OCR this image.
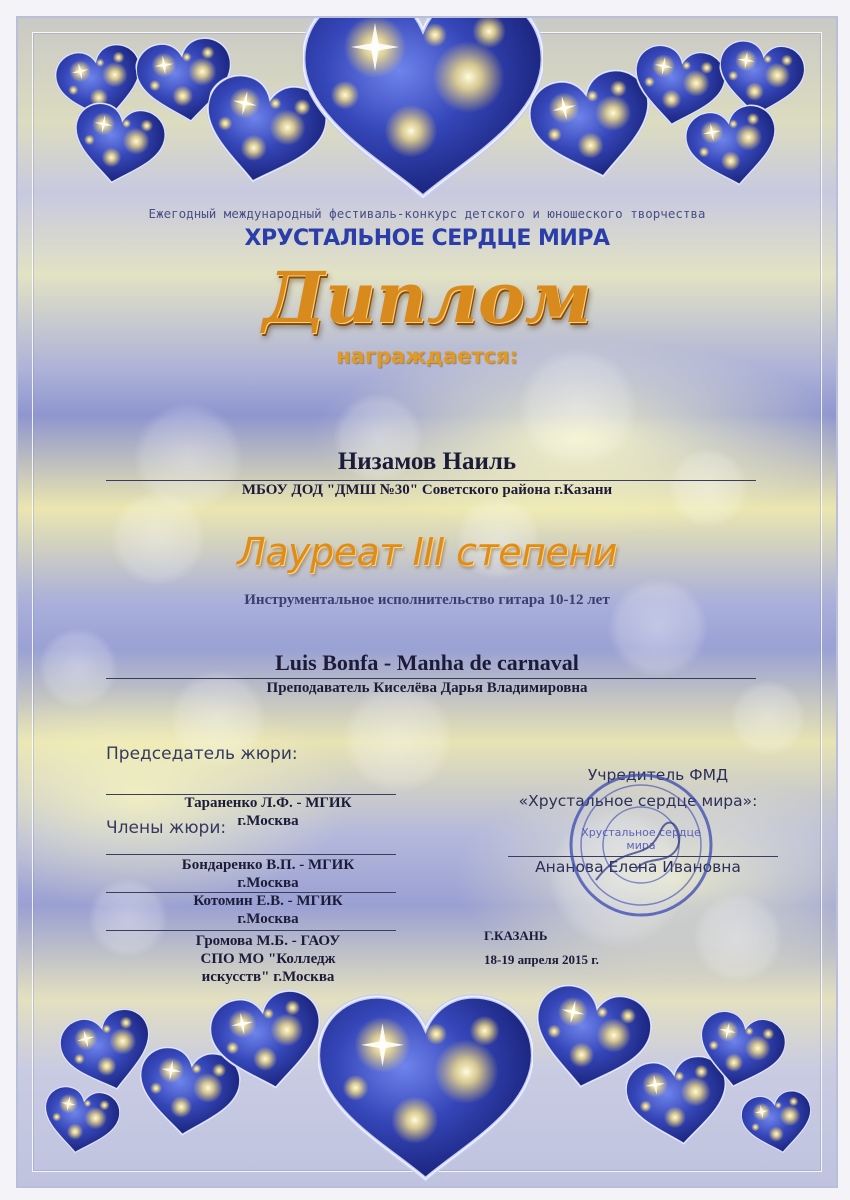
Ежегодный международный фестиваль-конкурс детского и юношеского творчества

ХРУСТАЛЬНОЕ СЕРДЦЕ МИРА

Диплом

награждается:

Низамов Наиль

МБОУ ДОД "ДМШ №30" Советского района г.Казани

Лауреат III степени

Инструментальное исполнительство гитара 10-12 лет

Luis Bonfa - Manha de carnaval

Преподаватель Киселёва Дарья Владимировна

Председатель жюри:

Тараненко Л.Ф. - МГИК

г.Москва

Члены жюри:

Бондаренко В.П. - МГИК

г.Москва

Котомин Е.В. - МГИК

г.Москва

Громова М.Б. - ГАОУ

СПО МО "Колледж

искусств" г.Москва

Учредитель ФМД

«Хрустальное сердце мира»:

Ананова Елена Ивановна

Хрустальное сердце мира

Г.КАЗАНЬ

18-19 апреля 2015 г.
